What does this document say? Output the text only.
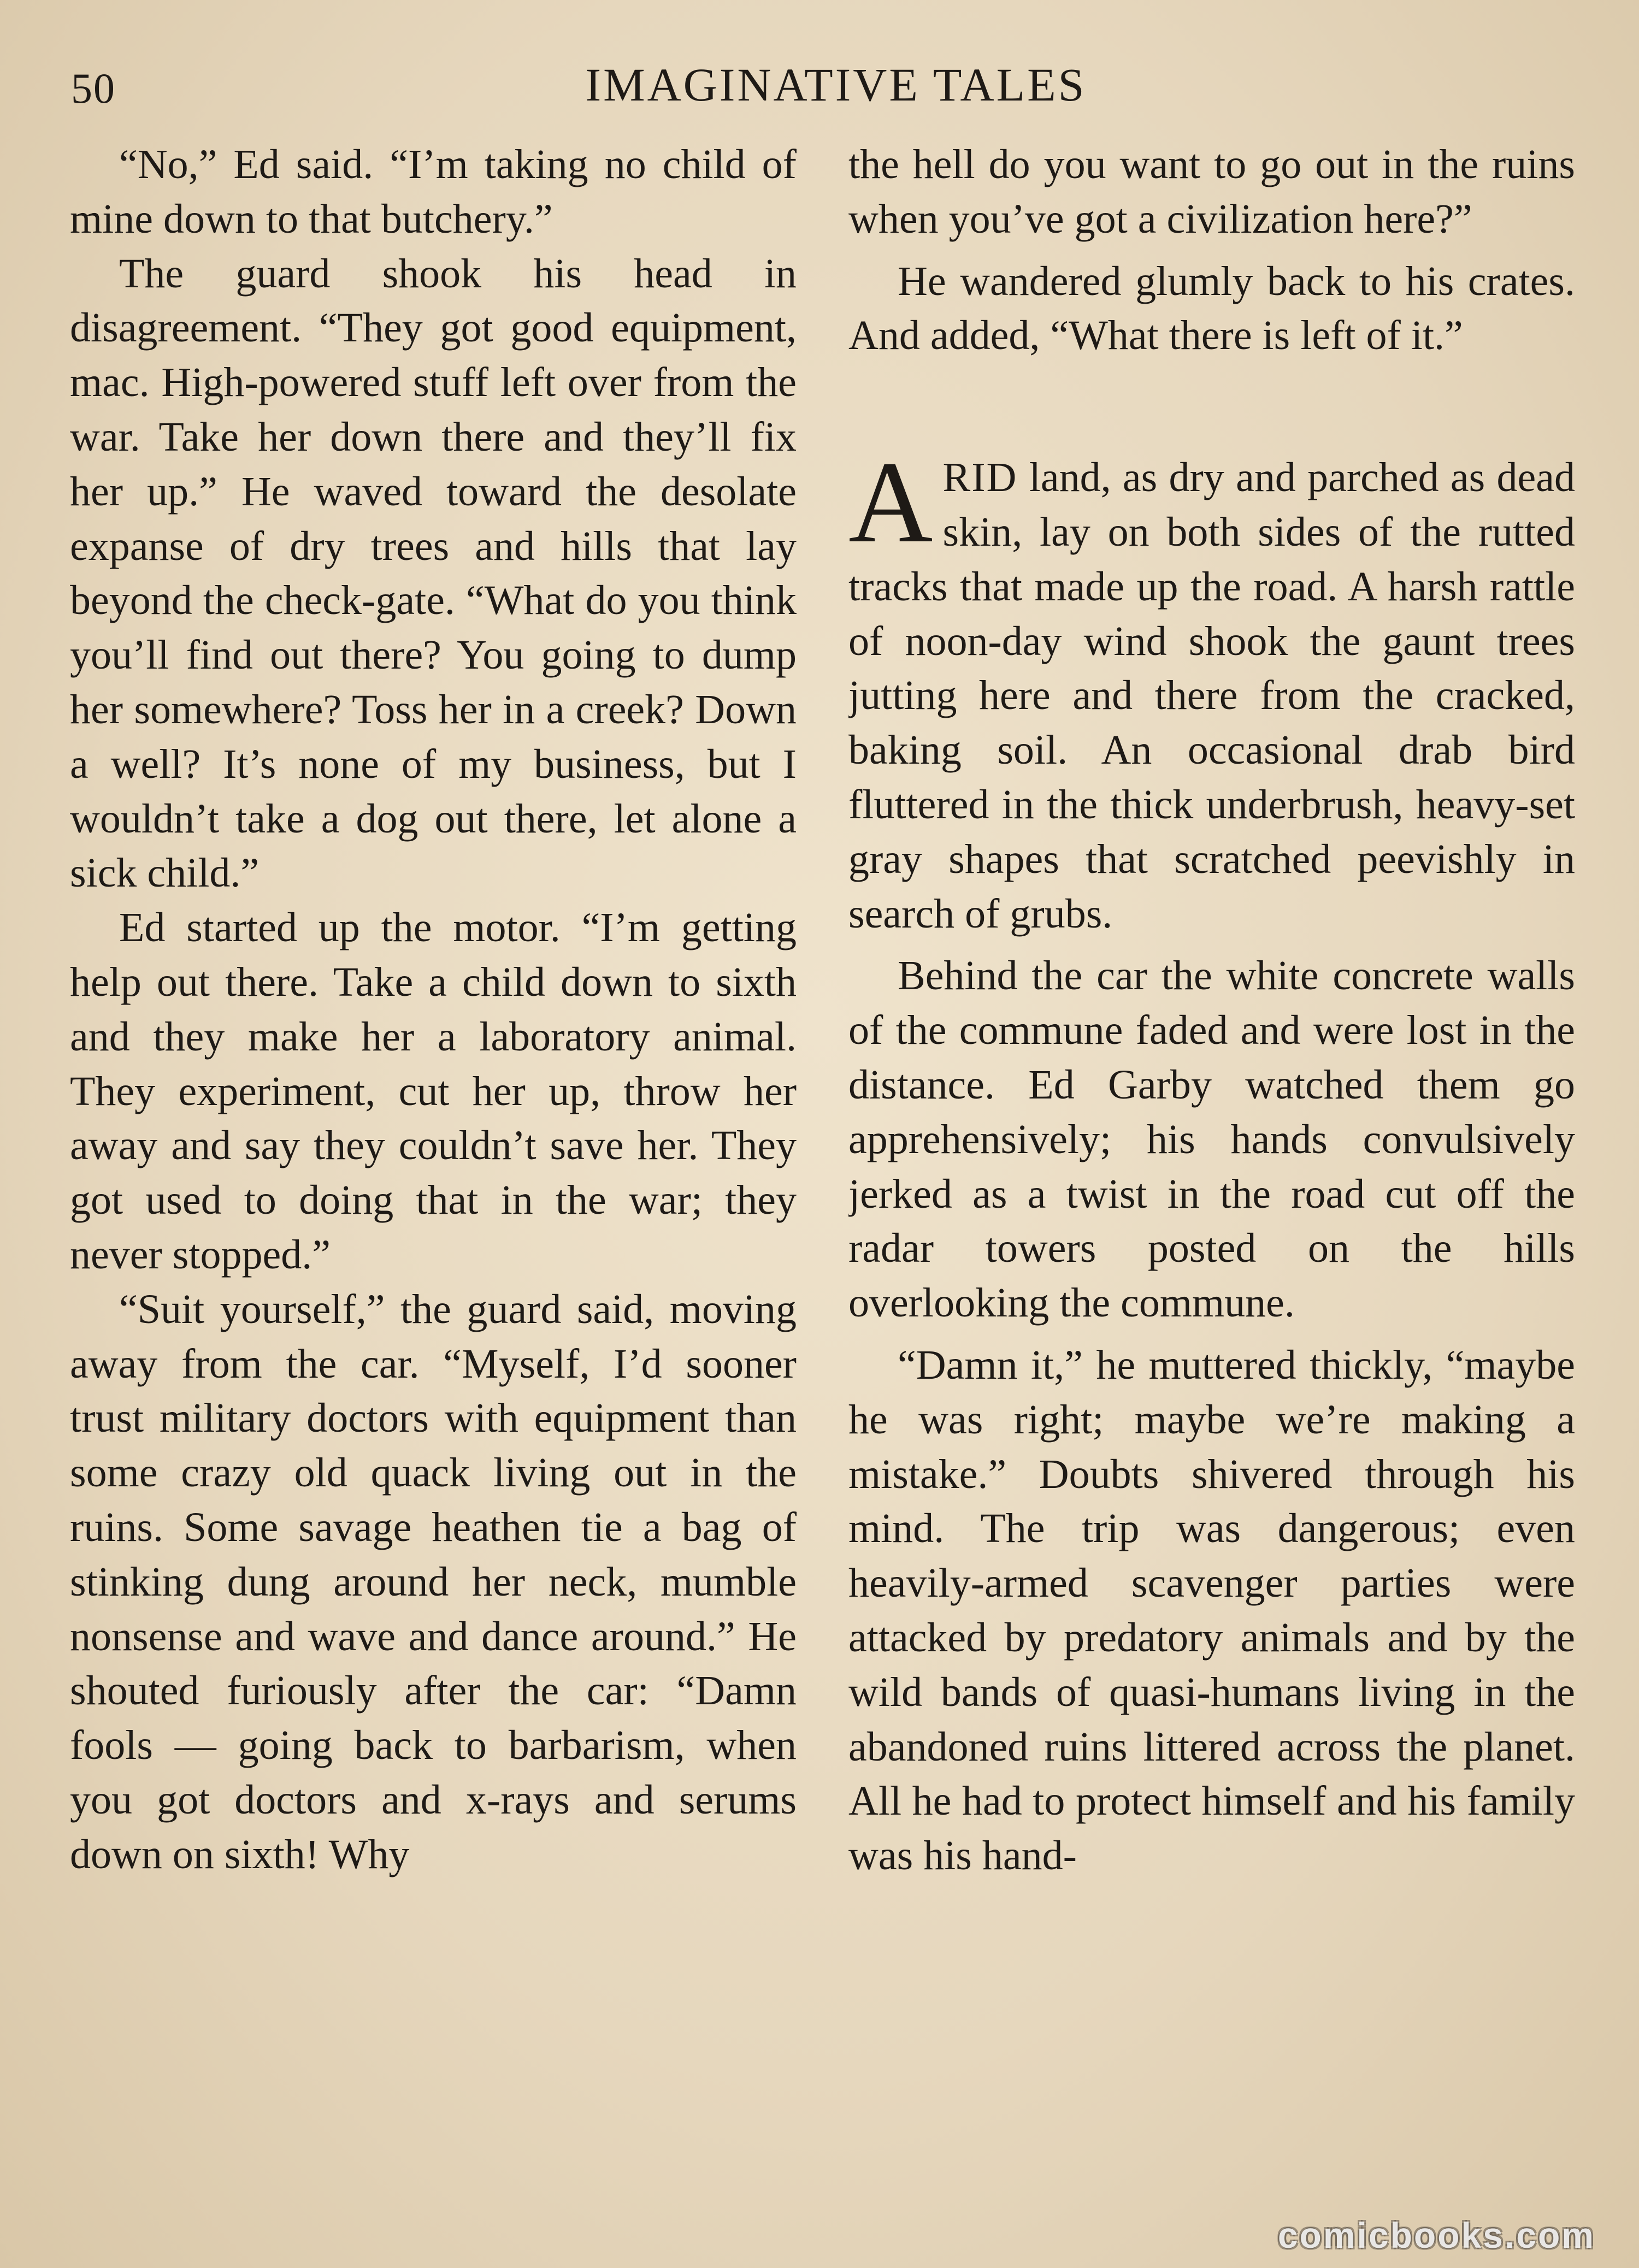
50	IMAGINATIVE TALES

“No,” Ed said. “I’m taking no child of mine down to that butchery.”

The guard shook his head in disagreement. “They got good equipment, mac. High-powered stuff left over from the war. Take her down there and they’ll fix her up.” He waved toward the desolate expanse of dry trees and hills that lay beyond the check-gate. “What do you think you’ll find out there? You going to dump her somewhere? Toss her in a creek? Down a well? It’s none of my business, but I wouldn’t take a dog out there, let alone a sick child.”

Ed started up the motor. “I’m getting help out there. Take a child down to sixth and they make her a laboratory animal. They experiment, cut her up, throw her away and say they couldn’t save her. They got used to doing that in the war; they never stopped.”

“Suit yourself,” the guard said, moving away from the car. “Myself, I’d sooner trust military doctors with equipment than some crazy old quack living out in the ruins. Some savage heathen tie a bag of stinking dung around her neck, mumble nonsense and wave and dance around.” He shouted furiously after the car: “Damn fools — going back to barbarism, when you got doctors and x-rays and serums down on sixth! Why

the hell do you want to go out in the ruins when you’ve got a civilization here?”

He wandered glumly back to his crates. And added, “What there is left of it.”

ARID land, as dry and parched as dead skin, lay on both sides of the rutted tracks that made up the road. A harsh rattle of noon-day wind shook the gaunt trees jutting here and there from the cracked, baking soil. An occasional drab bird fluttered in the thick underbrush, heavy-set gray shapes that scratched peevishly in search of grubs.

Behind the car the white concrete walls of the commune faded and were lost in the distance. Ed Garby watched them go apprehensively; his hands convulsively jerked as a twist in the road cut off the radar towers posted on the hills overlooking the commune.

“Damn it,” he muttered thickly, “maybe he was right; maybe we’re making a mistake.” Doubts shivered through his mind. The trip was dangerous; even heavily-armed scavenger parties were attacked by predatory animals and by the wild bands of quasi-humans living in the abandoned ruins littered across the planet. All he had to protect himself and his family was his hand-

comicbooks.com
